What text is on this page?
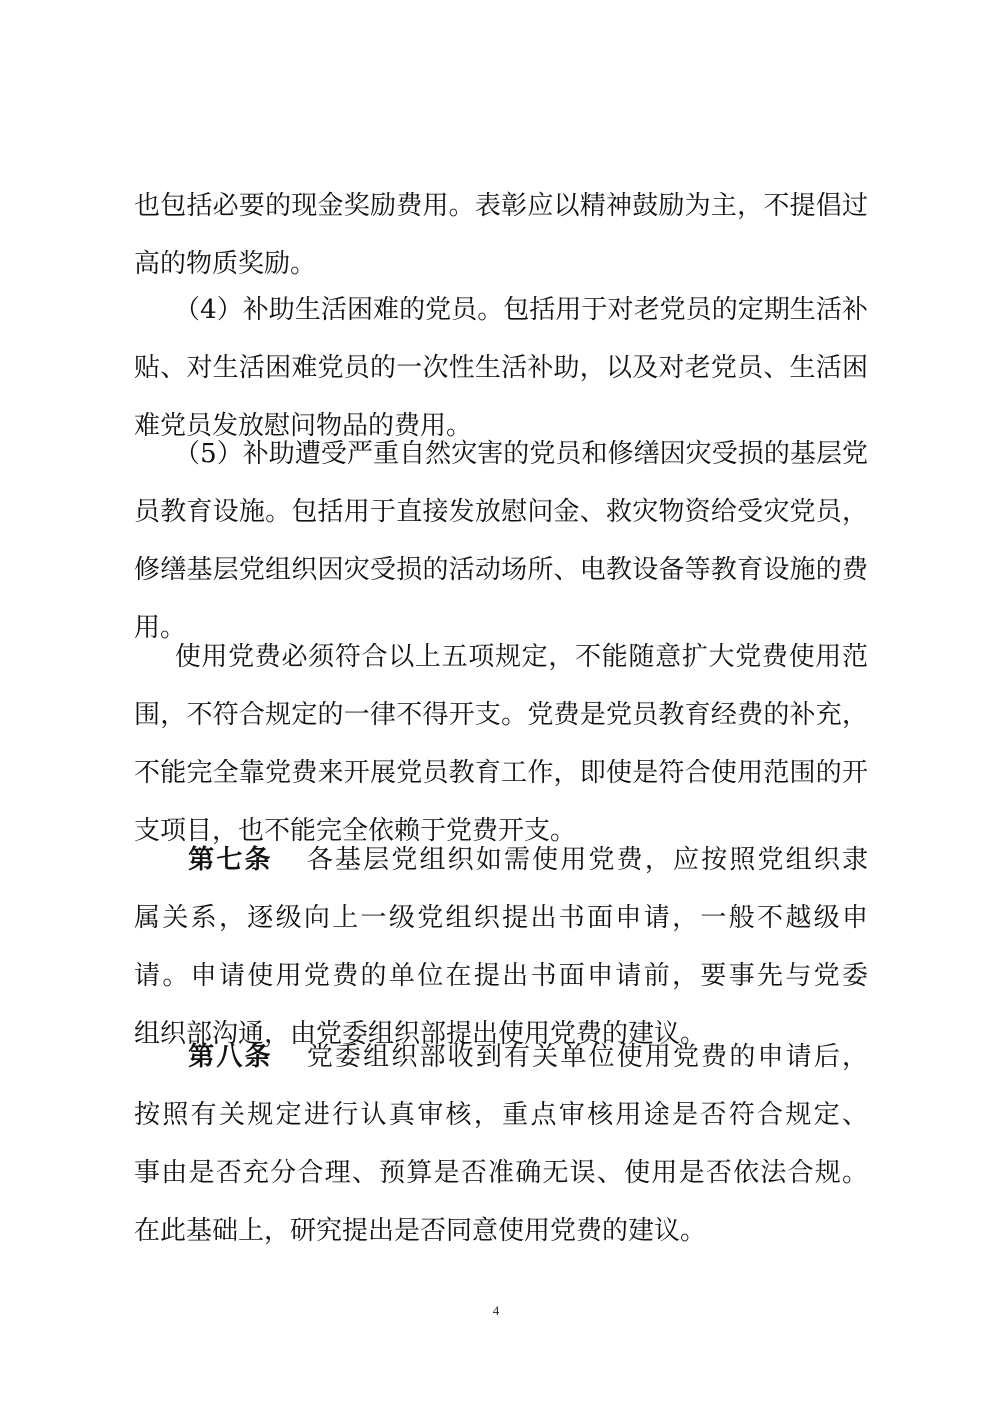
也包括必要的现金奖励费用。表彰应以精神鼓励为主，不提倡过
高的物质奖励。
（4）补助生活困难的党员。包括用于对老党员的定期生活补
贴、对生活困难党员的一次性生活补助，以及对老党员、生活困
难党员发放慰问物品的费用。
（5）补助遭受严重自然灾害的党员和修缮因灾受损的基层党
员教育设施。包括用于直接发放慰问金、救灾物资给受灾党员，
修缮基层党组织因灾受损的活动场所、电教设备等教育设施的费
用。
使用党费必须符合以上五项规定，不能随意扩大党费使用范
围，不符合规定的一律不得开支。党费是党员教育经费的补充，
不能完全靠党费来开展党员教育工作，即使是符合使用范围的开
支项目，也不能完全依赖于党费开支。
第七条 各基层党组织如需使用党费，应按照党组织隶
属关系，逐级向上一级党组织提出书面申请，一般不越级申
请。申请使用党费的单位在提出书面申请前，要事先与党委
组织部沟通，由党委组织部提出使用党费的建议。
第八条 党委组织部收到有关单位使用党费的申请后，
按照有关规定进行认真审核，重点审核用途是否符合规定、
事由是否充分合理、预算是否准确无误、使用是否依法合规。
在此基础上，研究提出是否同意使用党费的建议。
4
